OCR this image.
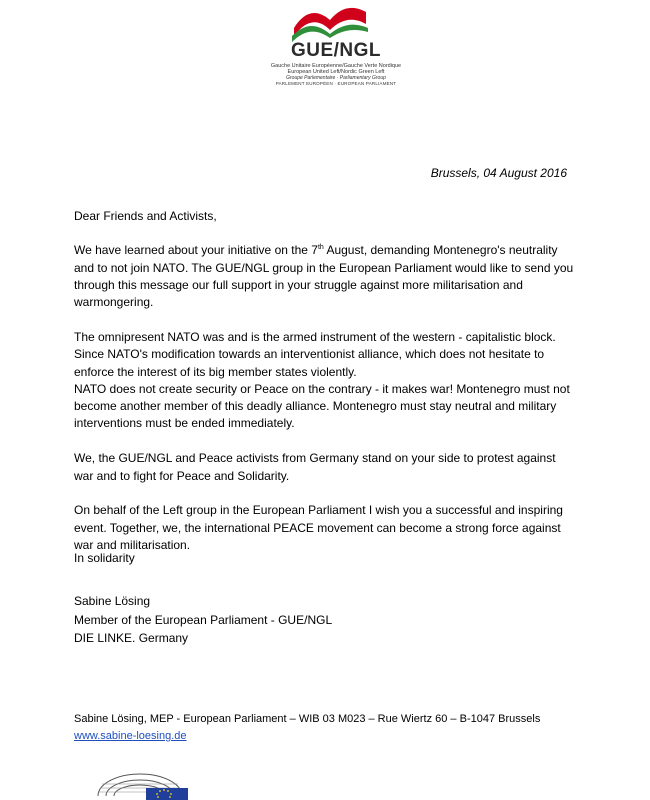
GUE/NGL
Gauche Unitaire Européenne/Gauche Verte Nordique
European United Left/Nordic Green Left
Groupe Parlementaire · Parliamentary Group
PARLEMENT EUROPÉEN · EUROPEAN PARLIAMENT
Brussels, 04 August 2016

Dear Friends and Activists,

We have learned about your initiative on the 7th August, demanding Montenegro's neutrality and to not join NATO. The GUE/NGL group in the European Parliament would like to send you through this message our full support in your struggle against more militarisation and warmongering.

The omnipresent NATO was and is the armed instrument of the western - capitalistic block. Since NATO's modification towards an interventionist alliance, which does not hesitate to enforce the interest of its big member states violently.

NATO does not create security or Peace on the contrary - it makes war! Montenegro must not become another member of this deadly alliance. Montenegro must stay neutral and military interventions must be ended immediately.

We, the GUE/NGL and Peace activists from Germany stand on your side to protest against war and to fight for Peace and Solidarity.

On behalf of the Left group in the European Parliament I wish you a successful and inspiring event. Together, we, the international PEACE movement can become a strong force against war and militarisation.

In solidarity
Sabine Lösing
Member of the European Parliament - GUE/NGL
DIE LINKE. Germany
Sabine Lösing, MEP - European Parliament – WIB 03 M023 – Rue Wiertz 60 – B-1047 Brussels
www.sabine-loesing.de
